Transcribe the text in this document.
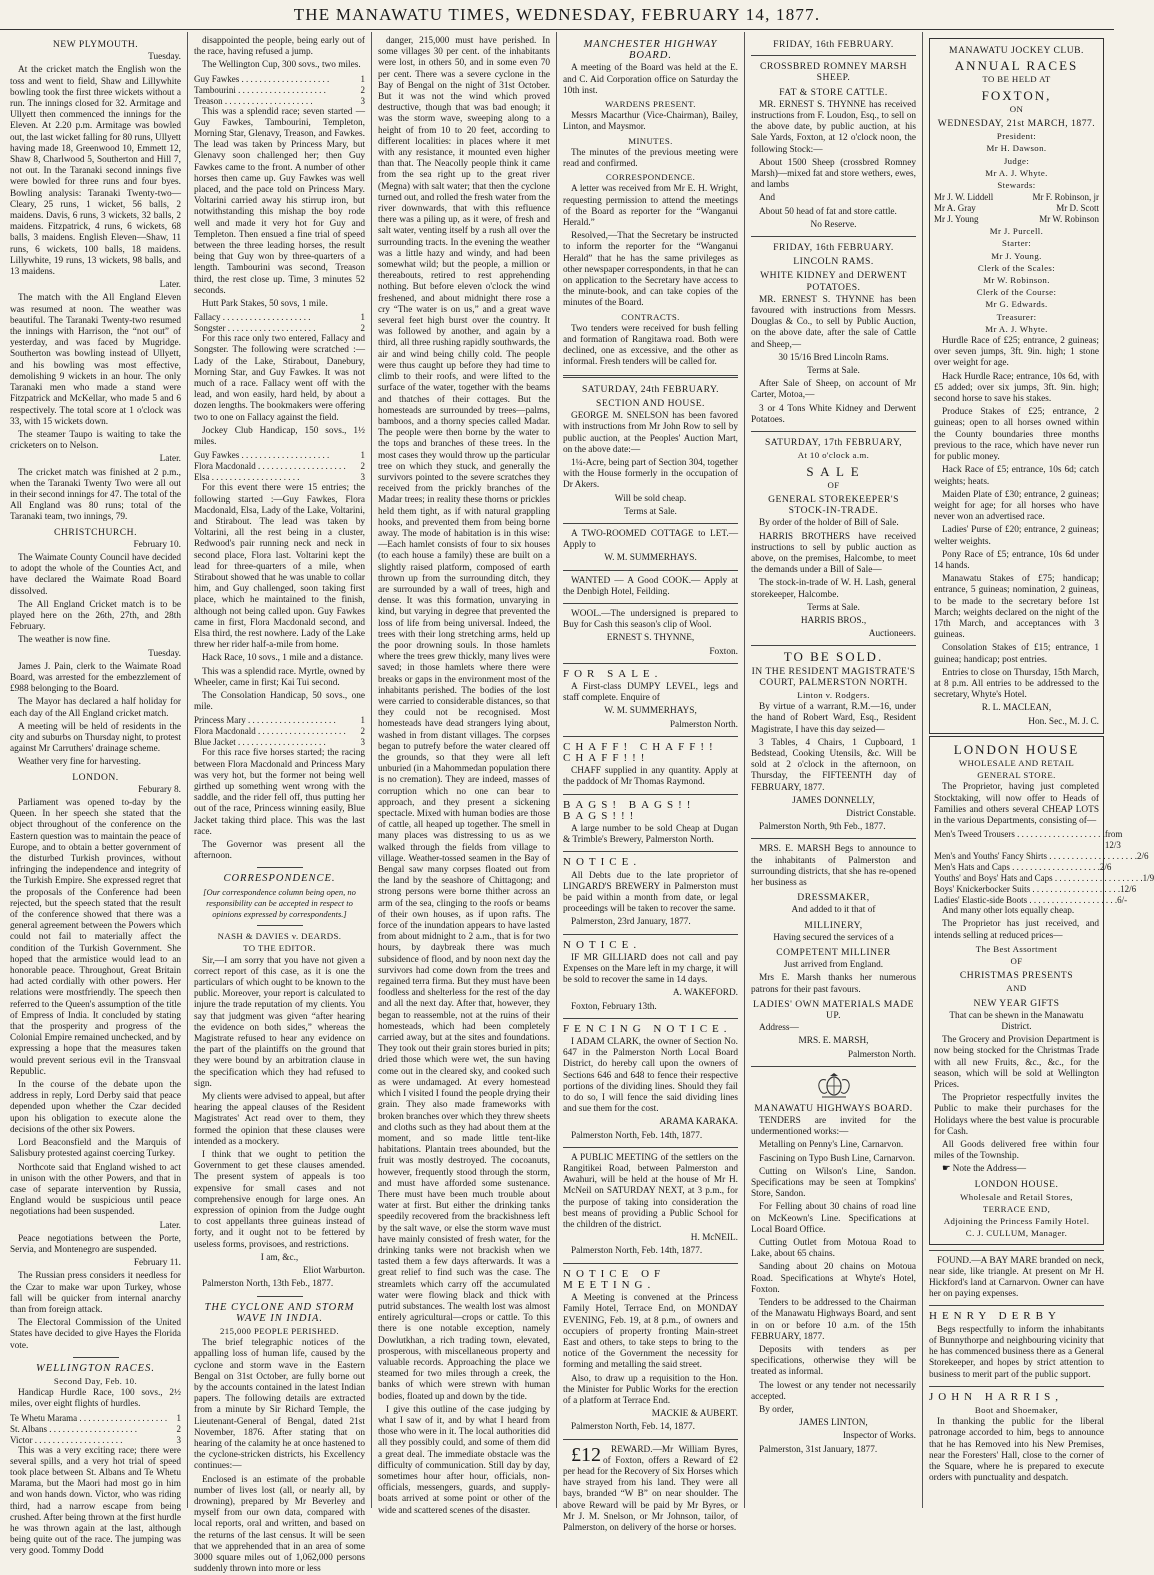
THE MANAWATU TIMES, WEDNESDAY, FEBRUARY 14, 1877.
NEW PLYMOUTH.

Tuesday.

At the cricket match the English won the toss and went to field, Shaw and Lillywhite bowling took the first three wickets without a run. The innings closed for 32. Armitage and Ullyett then commenced the innings for the Eleven. At 2.20 p.m. Armitage was bowled out, the last wicket falling for 80 runs, Ullyett having made 18, Greenwood 10, Emmett 12, Shaw 8, Charlwood 5, Southerton and Hill 7, not out. In the Taranaki second innings five were bowled for three runs and four byes. Bowling analysis: Taranaki Twenty-two—Cleary, 25 runs, 1 wicket, 56 balls, 2 maidens. Davis, 6 runs, 3 wickets, 32 balls, 2 maidens. Fitzpatrick, 4 runs, 6 wickets, 68 balls, 3 maidens. English Eleven—Shaw, 11 runs, 6 wickets, 100 balls, 18 maidens. Lillywhite, 19 runs, 13 wickets, 98 balls, and 13 maidens.

Later.

The match with the All England Eleven was resumed at noon. The weather was beautiful. The Taranaki Twenty-two resumed the innings with Harrison, the “not out” of yesterday, and was faced by Mugridge. Southerton was bowling instead of Ullyett, and his bowling was most effective, demolishing 9 wickets in an hour. The only Taranaki men who made a stand were Fitzpatrick and McKellar, who made 5 and 6 respectively. The total score at 1 o'clock was 33, with 15 wickets down.

The steamer Taupo is waiting to take the cricketers on to Nelson.

Later.

The cricket match was finished at 2 p.m., when the Taranaki Twenty Two were all out in their second innings for 47. The total of the All England was 80 runs; total of the Taranaki team, two innings, 79.

CHRISTCHURCH.

February 10.

The Waimate County Council have decided to adopt the whole of the Counties Act, and have declared the Waimate Road Board dissolved.

The All England Cricket match is to be played here on the 26th, 27th, and 28th February.

The weather is now fine.

Tuesday.

James J. Pain, clerk to the Waimate Road Board, was arrested for the embezzlement of £988 belonging to the Board.

The Mayor has declared a half holiday for each day of the All England cricket match.

A meeting will be held of residents in the city and suburbs on Thursday night, to protest against Mr Carruthers' drainage scheme.

Weather very fine for harvesting.

LONDON.

Feburary 8.

Parliament was opened to-day by the Queen. In her speech she stated that the object throughout of the conference on the Eastern question was to maintain the peace of Europe, and to obtain a better government of the disturbed Turkish provinces, without infringing the independence and integrity of the Turkish Empire. She expressed regret that the proposals of the Conference had been rejected, but the speech stated that the result of the conference showed that there was a general agreement between the Powers which could not fail to materially affect the condition of the Turkish Government. She hoped that the armistice would lead to an honorable peace. Throughout, Great Britain had acted cordially with other powers. Her relations were mostfriendly. The speech then referred to the Queen's assumption of the title of Empress of India. It concluded by stating that the prosperity and progress of the Colonial Empire remained unchecked, and by expressing a hope that the measures taken would prevent serious evil in the Transvaal Republic.

In the course of the debate upon the address in reply, Lord Derby said that peace depended upon whether the Czar decided upon his obligation to execute alone the decisions of the other six Powers.

Lord Beaconsfield and the Marquis of Salisbury protested against coercing Turkey.

Northcote said that England wished to act in unison with the other Powers, and that in case of separate intervention by Russia, England would be suspicious until peace negotiations had been suspended.

Later.

Peace negotiations between the Porte, Servia, and Montenegro are suspended.

February 11.

The Russian press considers it needless for the Czar to make war upon Turkey, whose fall will be quicker from internal anarchy than from foreign attack.

The Electoral Commission of the United States have decided to give Hayes the Florida vote.

WELLINGTON RACES.
Second Day, Feb. 10.

Handicap Hurdle Race, 100 sovs., 2½ miles, over eight flights of hurdles.

Te Whetu Marama . . . . . . . . . . . . . . . . . . . .	1
St. Albans . . . . . . . . . . . . . . . . . . . .	2
Victor . . . . . . . . . . . . . . . . . . . .	3

This was a very exciting race; there were several spills, and a very hot trial of speed took place between St. Albans and Te Whetu Marama, but the Maori had most go in him and won hands down. Victor, who was riding third, had a narrow escape from being crushed. After being thrown at the first hurdle he was thrown again at the last, although being quite out of the race. The jumping was very good. Tommy Dodd

disappointed the people, being early out of the race, having refused a jump.

The Wellington Cup, 300 sovs., two miles.

Guy Fawkes . . . . . . . . . . . . . . . . . . . .	1
Tambourini . . . . . . . . . . . . . . . . . . . .	2
Treason . . . . . . . . . . . . . . . . . . . .	3

This was a splendid race; seven started —Guy Fawkes, Tambourini, Templeton, Morning Star, Glenavy, Treason, and Fawkes. The lead was taken by Princess Mary, but Glenavy soon challenged her; then Guy Fawkes came to the front. A number of other horses then came up. Guy Fawkes was well placed, and the pace told on Princess Mary. Voltarini carried away his stirrup iron, but notwithstanding this mishap the boy rode well and made it very hot for Guy and Templeton. Then ensued a fine trial of speed between the three leading horses, the result being that Guy won by three-quarters of a length. Tambourini was second, Treason third, the rest close up. Time, 3 minutes 52 seconds.

Hutt Park Stakes, 50 sovs, 1 mile.

Fallacy . . . . . . . . . . . . . . . . . . . .	1
Songster . . . . . . . . . . . . . . . . . . . .	2

For this race only two entered, Fallacy and Songster. The following were scratched :—Lady of the Lake, Stirabout, Danebury, Morning Star, and Guy Fawkes. It was not much of a race. Fallacy went off with the lead, and won easily, hard held, by about a dozen lengths. The bookmakers were offering two to one on Fallacy against the field.

Jockey Club Handicap, 150 sovs., 1½ miles.

Guy Fawkes . . . . . . . . . . . . . . . . . . . .	1
Flora Macdonald . . . . . . . . . . . . . . . . . . . .	2
Elsa . . . . . . . . . . . . . . . . . . . .	3

For this event there were 15 entries; the following started :—Guy Fawkes, Flora Macdonald, Elsa, Lady of the Lake, Voltarini, and Stirabout. The lead was taken by Voltarini, all the rest being in a cluster, Redwood's pair running neck and neck in second place, Flora last. Voltarini kept the lead for three-quarters of a mile, when Stirabout showed that he was unable to collar him, and Guy challenged, soon taking first place, which he maintained to the finish, although not being called upon. Guy Fawkes came in first, Flora Macdonald second, and Elsa third, the rest nowhere. Lady of the Lake threw her rider half-a-mile from home.

Hack Race, 10 sovs., 1 mile and a distance.

This was a splendid race. Myrtle, owned by Wheeler, came in first; Kai Tui second.

The Consolation Handicap, 50 sovs., one mile.

Princess Mary . . . . . . . . . . . . . . . . . . . .	1
Flora Macdonald . . . . . . . . . . . . . . . . . . . .	2
Blue Jacket . . . . . . . . . . . . . . . . . . . .	3

For this race five horses started; the racing between Flora Macdonald and Princess Mary was very hot, but the former not being well girthed up something went wrong with the saddle, and the rider fell off, thus putting her out of the race, Princess winning easily, Blue Jacket taking third place. This was the last race.

The Governor was present all the afternoon.

CORRESPONDENCE.
[Our correspondence column being open, no responsibility can be accepted in respect to opinions expressed by correspondents.]
NASH & DAVIES v. DEARDS.
TO THE EDITOR.

Sir,—I am sorry that you have not given a correct report of this case, as it is one the particulars of which ought to be known to the public. Moreover, your report is calculated to injure the trade reputation of my clients. You say that judgment was given “after hearing the evidence on both sides,” whereas the Magistrate refused to hear any evidence on the part of the plaintiffs on the ground that they were bound by an arbitration clause in the specification which they had refused to sign.

My clients were advised to appeal, but after hearing the appeal clauses of the Resident Magistrates' Act read over to them, they formed the opinion that these clauses were intended as a mockery.

I think that we ought to petition the Government to get these clauses amended. The present system of appeals is too expensive for small cases and not comprehensive enough for large ones. An expression of opinion from the Judge ought to cost appellants three guineas instead of forty, and it ought not to be fettered by useless forms, provisoes, and restrictions.

I am, &c.,

Eliot Warburton.

Palmerston North, 13th Feb., 1877.

THE CYCLONE AND STORM WAVE IN INDIA.
215,000 PEOPLE PERISHED.

The brief telegraphic notices of the appalling loss of human life, caused by the cyclone and storm wave in the Eastern Bengal on 31st October, are fully borne out by the accounts contained in the latest Indian papers. The following details are extracted from a minute by Sir Richard Temple, the Lieutenant-General of Bengal, dated 21st November, 1876. After stating that on hearing of the calamity he at once hastened to the cyclone-stricken districts, his Excellency continues:—

Enclosed is an estimate of the probable number of lives lost (all, or nearly all, by drowning), prepared by Mr Beverley and myself from our own data, compared with local reports, oral and written, and based on the returns of the last census. It will be seen that we apprehended that in an area of some 3000 square miles out of 1,062,000 persons suddenly thrown into more or less

danger, 215,000 must have perished. In some villages 30 per cent. of the inhabitants were lost, in others 50, and in some even 70 per cent. There was a severe cyclone in the Bay of Bengal on the night of 31st October. But it was not the wind which proved destructive, though that was bad enough; it was the storm wave, sweeping along to a height of from 10 to 20 feet, according to different localities: in places where it met with any resistance, it mounted even higher than that. The Neacolly people think it came from the sea right up to the great river (Megna) with salt water; that then the cyclone turned out, and rolled the fresh water from the river downwards, that with this refluence there was a piling up, as it were, of fresh and salt water, venting itself by a rush all over the surrounding tracts. In the evening the weather was a little hazy and windy, and had been somewhat wild; but the people, a million or thereabouts, retired to rest apprehending nothing. But before eleven o'clock the wind freshened, and about midnight there rose a cry “The water is on us,” and a great wave several feet high burst over the country. It was followed by another, and again by a third, all three rushing rapidly southwards, the air and wind being chilly cold. The people were thus caught up before they had time to climb to their roofs, and were lifted to the surface of the water, together with the beams and thatches of their cottages. But the homesteads are surrounded by trees—palms, bamboos, and a thorny species called Madar. The people were then borne by the water to the tops and branches of these trees. In the most cases they would throw up the particular tree on which they stuck, and generally the survivors pointed to the severe scratches they received from the prickly branches of the Madar trees; in reality these thorns or prickles held them tight, as if with natural grappling hooks, and prevented them from being borne away. The mode of habitation is in this wise:—Each hamlet consists of four to six houses (to each house a family) these are built on a slightly raised platform, composed of earth thrown up from the surrounding ditch, they are surrounded by a wall of trees, high and dense. It was this formation, unvarying in kind, but varying in degree that prevented the loss of life from being universal. Indeed, the trees with their long stretching arms, held up the poor drowning souls. In those hamlets where the trees grew thickly, many lives were saved; in those hamlets where there were breaks or gaps in the environment most of the inhabitants perished. The bodies of the lost were carried to considerable distances, so that they could not be recognised. Most homesteads have dead strangers lying about, washed in from distant villages. The corpses began to putrefy before the water cleared off the grounds, so that they were all left unburied (in a Mahommedan population there is no cremation). They are indeed, masses of corruption which no one can bear to approach, and they present a sickening spectacle. Mixed with human bodies are those of cattle, all heaped up together. The smell in many places was distressing to us as we walked through the fields from village to village. Weather-tossed seamen in the Bay of Bengal saw many corpses floated out from the land by the seashore of Chittagong; and strong persons were borne thither across an arm of the sea, clinging to the roofs or beams of their own houses, as if upon rafts. The force of the inundation appears to have lasted from about midnight to 2 a.m., that is for two hours, by daybreak there was much subsidence of flood, and by noon next day the survivors had come down from the trees and regained terra firma. But they must have been foodless and shelterless for the rest of the day and all the next day. After that, however, they began to reassemble, not at the ruins of their homesteads, which had been completely carried away, but at the sites and foundations. They took out their grain stores buried in pits; dried those which were wet, the sun having come out in the cleared sky, and cooked such as were undamaged. At every homestead which I visited I found the people drying their grain. They also made frameworks with broken branches over which they threw sheets and cloths such as they had about them at the moment, and so made little tent-like habitations. Plantain trees abounded, but the fruit was mostly destroyed. The cocoanuts, however, frequently stood through the storm, and must have afforded some sustenance. There must have been much trouble about water at first. But either the drinking tanks speedily recovered from the brackishness left by the salt wave, or else the storm wave must have mainly consisted of fresh water, for the drinking tanks were not brackish when we tasted them a few days afterwards. It was a great relief to find such was the case. The streamlets which carry off the accumulated water were flowing black and thick with putrid substances. The wealth lost was almost entirely agricultural—crops or cattle. To this there is one notable exception, namely Dowlutkhan, a rich trading town, elevated, prosperous, with miscellaneous property and valuable records. Approaching the place we steamed for two miles through a creek, the banks of which were strewn with human bodies, floated up and down by the tide.

I give this outline of the case judging by what I saw of it, and by what I heard from those who were in it. The local authorities did all they possibly could, and some of them did a great deal. The immediate obstacle was the difficulty of communication. Still day by day, sometimes hour after hour, officials, non-officials, messengers, guards, and supply-boats arrived at some point or other of the wide and scattered scenes of the disaster.

MANCHESTER HIGHWAY BOARD.

A meeting of the Board was held at the E. and C. Aid Corporation office on Saturday the 10th inst.

WARDENS PRESENT.

Messrs Macarthur (Vice-Chairman), Bailey, Linton, and Maysmor.

MINUTES.

The minutes of the previous meeting were read and confirmed.

CORRESPONDENCE.

A letter was received from Mr E. H. Wright, requesting permission to attend the meetings of the Board as reporter for the “Wanganui Herald.”

Resolved,—That the Secretary be instructed to inform the reporter for the “Wanganui Herald” that he has the same privileges as other newspaper correspondents, in that he can on application to the Secretary have access to the minute-book, and can take copies of the minutes of the Board.

CONTRACTS.

Two tenders were received for bush felling and formation of Rangitawa road. Both were declined, one as excessive, and the other as informal. Fresh tenders will be called for.

SATURDAY, 24th FEBRUARY.
SECTION AND HOUSE.

GEORGE M. SNELSON has been favored with instructions from Mr John Row to sell by public auction, at the Peoples' Auction Mart, on the above date:—

1¼-Acre, being part of Section 304, together with the House formerly in the occupation of Dr Akers.

Will be sold cheap.

Terms at Sale.

A TWO-ROOMED COTTAGE to LET.—Apply to

W. M. SUMMERHAYS.

WANTED — A Good COOK.— Apply at the Denbigh Hotel, Feilding.

WOOL.—The undersigned is prepared to Buy for Cash this season's clip of Wool.

ERNEST S. THYNNE,

Foxton.

FOR SALE.

A First-class DUMPY LEVEL, legs and staff complete. Enquire of

W. M. SUMMERHAYS,

Palmerston North.

CHAFF! CHAFF!! CHAFF!!!

CHAFF supplied in any quantity. Apply at the paddock of Mr Thomas Raymond.

BAGS! BAGS!! BAGS!!!

A large number to be sold Cheap at Dugan & Trimble's Brewery, Palmerston North.

NOTICE.

All Debts due to the late proprietor of LINGARD'S BREWERY in Palmerston must be paid within a month from date, or legal proceedings will be taken to recover the same.

Palmerston, 23rd January, 1877.

NOTICE.

IF MR GILLIARD does not call and pay Expenses on the Mare left in my charge, it will be sold to recover the same in 14 days.

A. WAKEFORD.

Foxton, February 13th.

FENCING NOTICE.

I ADAM CLARK, the owner of Section No. 647 in the Palmerston North Local Board District, do hereby call upon the owners of Sections 646 and 648 to fence their respective portions of the dividing lines. Should they fail to do so, I will fence the said dividing lines and sue them for the cost.

ARAMA KARAKA.

Palmerston North, Feb. 14th, 1877.

A PUBLIC MEETING of the settlers on the Rangitikei Road, between Palmerston and Awahuri, will be held at the house of Mr H. McNeil on SATURDAY NEXT, at 3 p.m., for the purpose of taking into consideration the best means of providing a Public School for the children of the district.

H. McNEIL.

Palmerston North, Feb. 14th, 1877.

NOTICE OF MEETING.

A Meeting is convened at the Princess Family Hotel, Terrace End, on MONDAY EVENING, Feb. 19, at 8 p.m., of owners and occupiers of property fronting Main-street East and others, to take steps to bring to the notice of the Government the necessity for forming and metalling the said street.

Also, to draw up a requisition to the Hon. the Minister for Public Works for the erection of a platform at Terrace End.

MACKIE & AUBERT.

Palmerston North, Feb. 14, 1877.

£12 REWARD.—Mr William Byres, of Foxton, offers a Reward of £2 per head for the Recovery of Six Horses which have strayed from his land. They were all bays, branded “W B” on near shoulder. The above Reward will be paid by Mr Byres, or Mr J. M. Snelson, or Mr Johnson, tailor, of Palmerston, on delivery of the horse or horses.

FRIDAY, 16th FEBRUARY.
CROSSBRED ROMNEY MARSH SHEEP.
FAT & STORE CATTLE.

MR. ERNEST S. THYNNE has received instructions from F. Loudon, Esq., to sell on the above date, by public auction, at his Sale Yards, Foxton, at 12 o'clock noon, the following Stock:—

About 1500 Sheep (crossbred Romney Marsh)—mixed fat and store wethers, ewes, and lambs

And

About 50 head of fat and store cattle.

No Reserve.

FRIDAY, 16th FEBRUARY.
LINCOLN RAMS.
WHITE KIDNEY and DERWENT POTATOES.

MR. ERNEST S. THYNNE has been favoured with instructions from Messrs. Douglas & Co., to sell by Public Auction, on the above date, after the sale of Cattle and Sheep,—

30 15/16 Bred Lincoln Rams.

Terms at Sale.

After Sale of Sheep, on account of Mr Carter, Motoa,—

3 or 4 Tons White Kidney and Derwent Potatoes.

SATURDAY, 17th FEBRUARY,
At 10 o'clock a.m.
S A L E
OF
GENERAL STOREKEEPER'S STOCK-IN-TRADE.

By order of the holder of Bill of Sale.

HARRIS BROTHERS have received instructions to sell by public auction as above, on the premises, Halcombe, to meet the demands under a Bill of Sale—

The stock-in-trade of W. H. Lash, general storekeeper, Halcombe.

Terms at Sale.

HARRIS BROS.,

Auctioneers.

TO BE SOLD.
IN THE RESIDENT MAGISTRATE'S COURT, PALMERSTON NORTH.
Linton v. Rodgers.

By virtue of a warrant, R.M.—16, under the hand of Robert Ward, Esq., Resident Magistrate, I have this day seized—

3 Tables, 4 Chairs, 1 Cupboard, 1 Bedstead, Cooking Utensils, &c. Will be sold at 2 o'clock in the afternoon, on Thursday, the FIFTEENTH day of FEBRUARY, 1877.

JAMES DONNELLY,

District Constable.

Palmerston North, 9th Feb., 1877.

MRS. E. MARSH Begs to announce to the inhabitants of Palmerston and surrounding districts, that she has re-opened her business as

DRESSMAKER,

And added to it that of

MILLINERY,

Having secured the services of a

COMPETENT MILLINER

Just arrived from England.

Mrs E. Marsh thanks her numerous patrons for their past favours.

LADIES' OWN MATERIALS MADE UP.

Address—

MRS. E. MARSH,

Palmerston North.

MANAWATU HIGHWAYS BOARD.

TENDERS are invited for the undermentioned works:—

Metalling on Penny's Line, Carnarvon.

Fascining on Typo Bush Line, Carnarvon.

Cutting on Wilson's Line, Sandon. Specifications may be seen at Tompkins' Store, Sandon.

For Felling about 30 chains of road line on McKeown's Line. Specifications at Local Board Office.

Cutting Outlet from Motoua Road to Lake, about 65 chains.

Sanding about 20 chains on Motoua Road. Specifications at Whyte's Hotel, Foxton.

Tenders to be addressed to the Chairman of the Manawatu Highways Board, and sent in on or before 10 a.m. of the 15th FEBRUARY, 1877.

Deposits with tenders as per specifications, otherwise they will be treated as informal.

The lowest or any tender not necessarily accepted.

By order,

JAMES LINTON,

Inspector of Works.

Palmerston, 31st January, 1877.

MANAWATU JOCKEY CLUB.
ANNUAL RACES
TO BE HELD AT
FOXTON,
ON
WEDNESDAY, 21st MARCH, 1877.
President:
Mr H. Dawson.
Judge:
Mr A. J. Whyte.
Stewards:
Mr J. W. Liddell	Mr F. Robinson, jr
Mr A. Gray	Mr D. Scott
Mr J. Young	Mr W. Robinson
Mr J. Purcell.
Starter:
Mr J. Young.
Clerk of the Scales:
Mr W. Robinson.
Clerk of the Course:
Mr G. Edwards.
Treasurer:
Mr A. J. Whyte.

Hurdle Race of £25; entrance, 2 guineas; over seven jumps, 3ft. 9in. high; 1 stone over weight for age.

Hack Hurdle Race; entrance, 10s 6d, with £5 added; over six jumps, 3ft. 9in. high; second horse to save his stakes.

Produce Stakes of £25; entrance, 2 guineas; open to all horses owned within the County boundaries three months previous to the race, which have never run for public money.

Hack Race of £5; entrance, 10s 6d; catch weights; heats.

Maiden Plate of £30; entrance, 2 guineas; weight for age; for all horses who have never won an advertised race.

Ladies' Purse of £20; entrance, 2 guineas; welter weights.

Pony Race of £5; entrance, 10s 6d under 14 hands.

Manawatu Stakes of £75; handicap; entrance, 5 guineas; nomination, 2 guineas, to be made to the secretary before 1st March; weights declared on the night of the 17th March, and acceptances with 3 guineas.

Consolation Stakes of £15; entrance, 1 guinea; handicap; post entries.

Entries to close on Thursday, 15th March, at 8 p.m. All entries to be addressed to the secretary, Whyte's Hotel.

R. L. MACLEAN,

Hon. Sec., M. J. C.

LONDON HOUSE
WHOLESALE AND RETAIL
GENERAL STORE.

The Proprietor, having just completed Stocktaking, will now offer to Heads of Families and others several CHEAP LOTS in the various Departments, consisting of—

Men's Tweed Trousers . . . . . . . . . . . . . . . . . . . . from 12/3
Men's and Youths' Fancy Shirts . . . . . . . . . . . . . . . . . . . . 2/6
Men's Hats and Caps . . . . . . . . . . . . . . . . . . . . 2/6
Youths' and Boys' Hats and Caps . . . . . . . . . . . . . . . . . . . . 1/9
Boys' Knickerbocker Suits . . . . . . . . . . . . . . . . . . . . 12/6
Ladies' Elastic-side Boots . . . . . . . . . . . . . . . . . . . . 6/-

And many other lots equally cheap.

The Proprietor has just received, and intends selling at reduced prices—

The Best Assortment
OF
CHRISTMAS PRESENTS
AND
NEW YEAR GIFTS

That can be shewn in the Manawatu District.

The Grocery and Provision Department is now being stocked for the Christmas Trade with all new Fruits, &c., &c., for the season, which will be sold at Wellington Prices.

The Proprietor respectfully invites the Public to make their purchases for the Holidays where the best value is procurable for Cash.

All Goods delivered free within four miles of the Township.

☛ Note the Address—

LONDON HOUSE.
Wholesale and Retail Stores,
TERRACE END,
Adjoining the Princess Family Hotel.
C. J. CULLUM, Manager.

FOUND.—A BAY MARE branded on neck, near side, like triangle. At present on Mr H. Hickford's land at Carnarvon. Owner can have her on paying expenses.

HENRY DERBY

Begs respectfully to inform the inhabitants of Bunnythorpe and neighbouring vicinity that he has commenced business there as a General Storekeeper, and hopes by strict attention to business to merit part of the public support.

JOHN HARRIS,
Boot and Shoemaker,

In thanking the public for the liberal patronage accorded to him, begs to announce that he has Removed into his New Premises, near the Foresters' Hall, close to the corner of the Square, where he is prepared to execute orders with punctuality and despatch.
